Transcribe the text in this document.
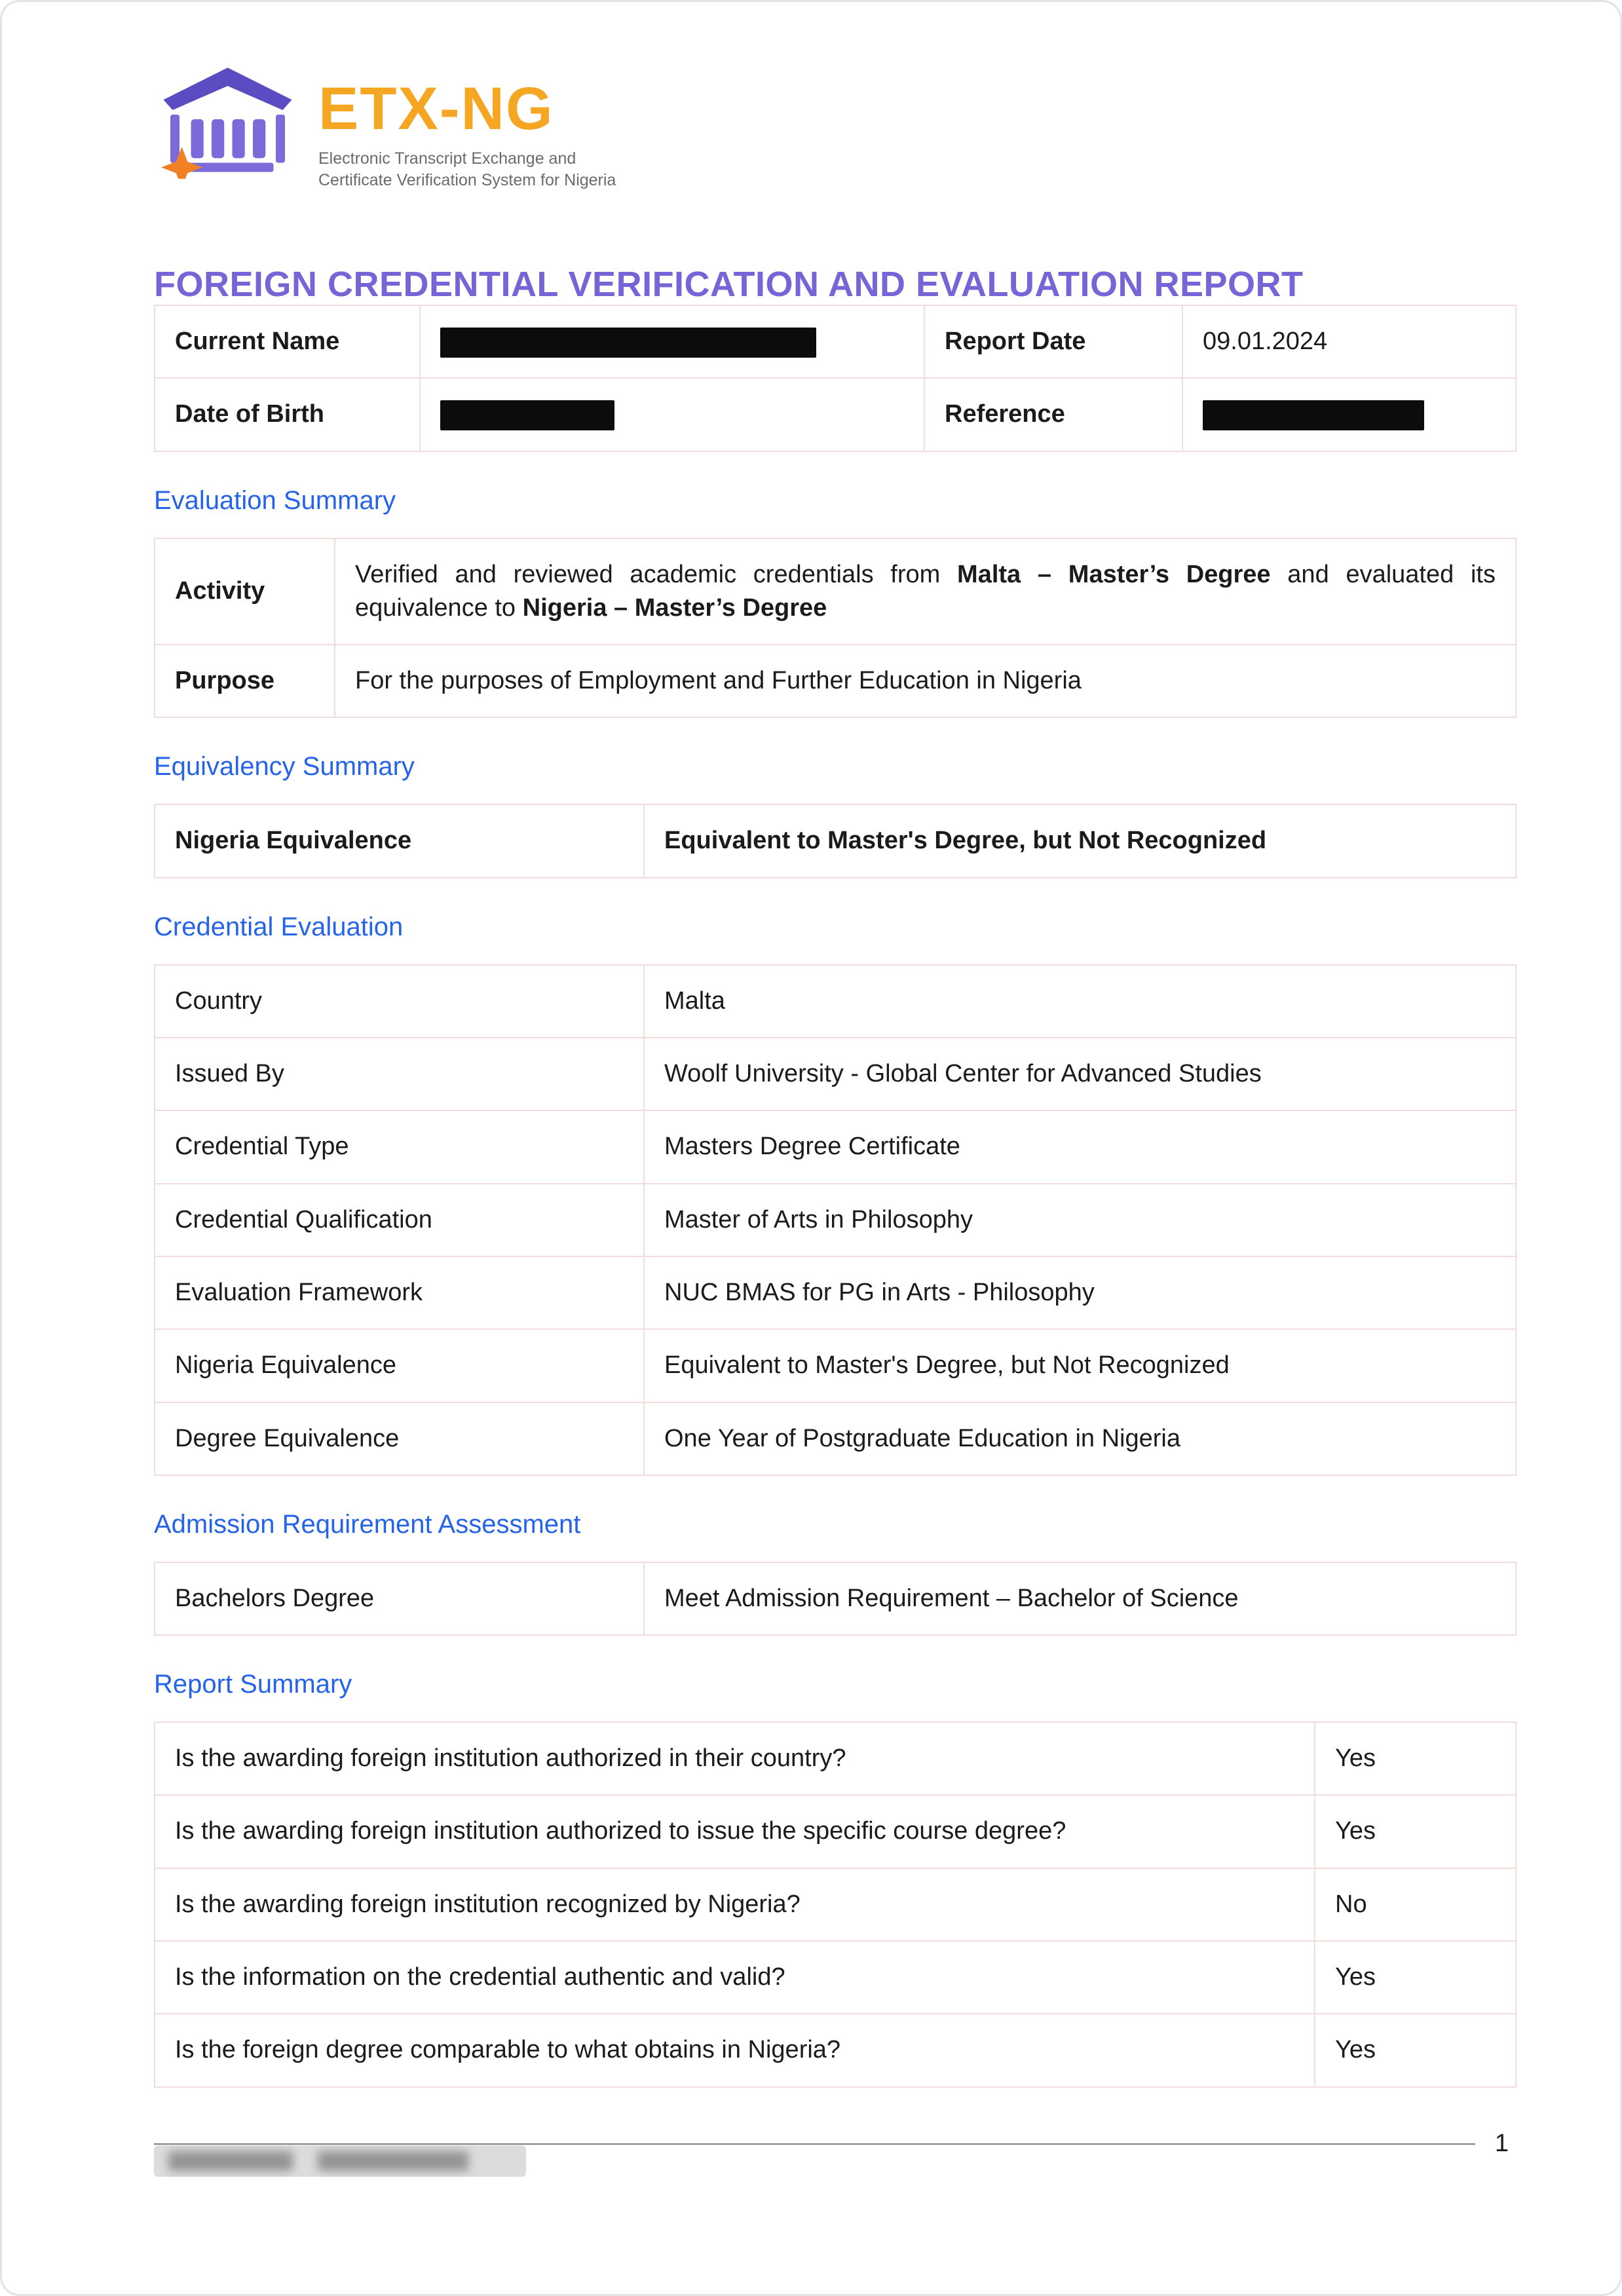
ETX-NG
Electronic Transcript Exchange and
Certificate Verification System for Nigeria
FOREIGN CREDENTIAL VERIFICATION AND EVALUATION REPORT
Current Name		Report Date	09.01.2024
Date of Birth		Reference	
Evaluation Summary
Activity	Verified and reviewed academic credentials from Malta – Master’s Degree and evaluated its equivalence to Nigeria – Master’s Degree
Purpose	For the purposes of Employment and Further Education in Nigeria
Equivalency Summary
Nigeria Equivalence	Equivalent to Master's Degree, but Not Recognized
Credential Evaluation
Country	Malta
Issued By	Woolf University - Global Center for Advanced Studies
Credential Type	Masters Degree Certificate
Credential Qualification	Master of Arts in Philosophy
Evaluation Framework	NUC BMAS for PG in Arts - Philosophy
Nigeria Equivalence	Equivalent to Master's Degree, but Not Recognized
Degree Equivalence	One Year of Postgraduate Education in Nigeria
Admission Requirement Assessment
Bachelors Degree	Meet Admission Requirement – Bachelor of Science
Report Summary
Is the awarding foreign institution authorized in their country?	Yes
Is the awarding foreign institution authorized to issue the specific course degree?	Yes
Is the awarding foreign institution recognized by Nigeria?	No
Is the information on the credential authentic and valid?	Yes
Is the foreign degree comparable to what obtains in Nigeria?	Yes
1
